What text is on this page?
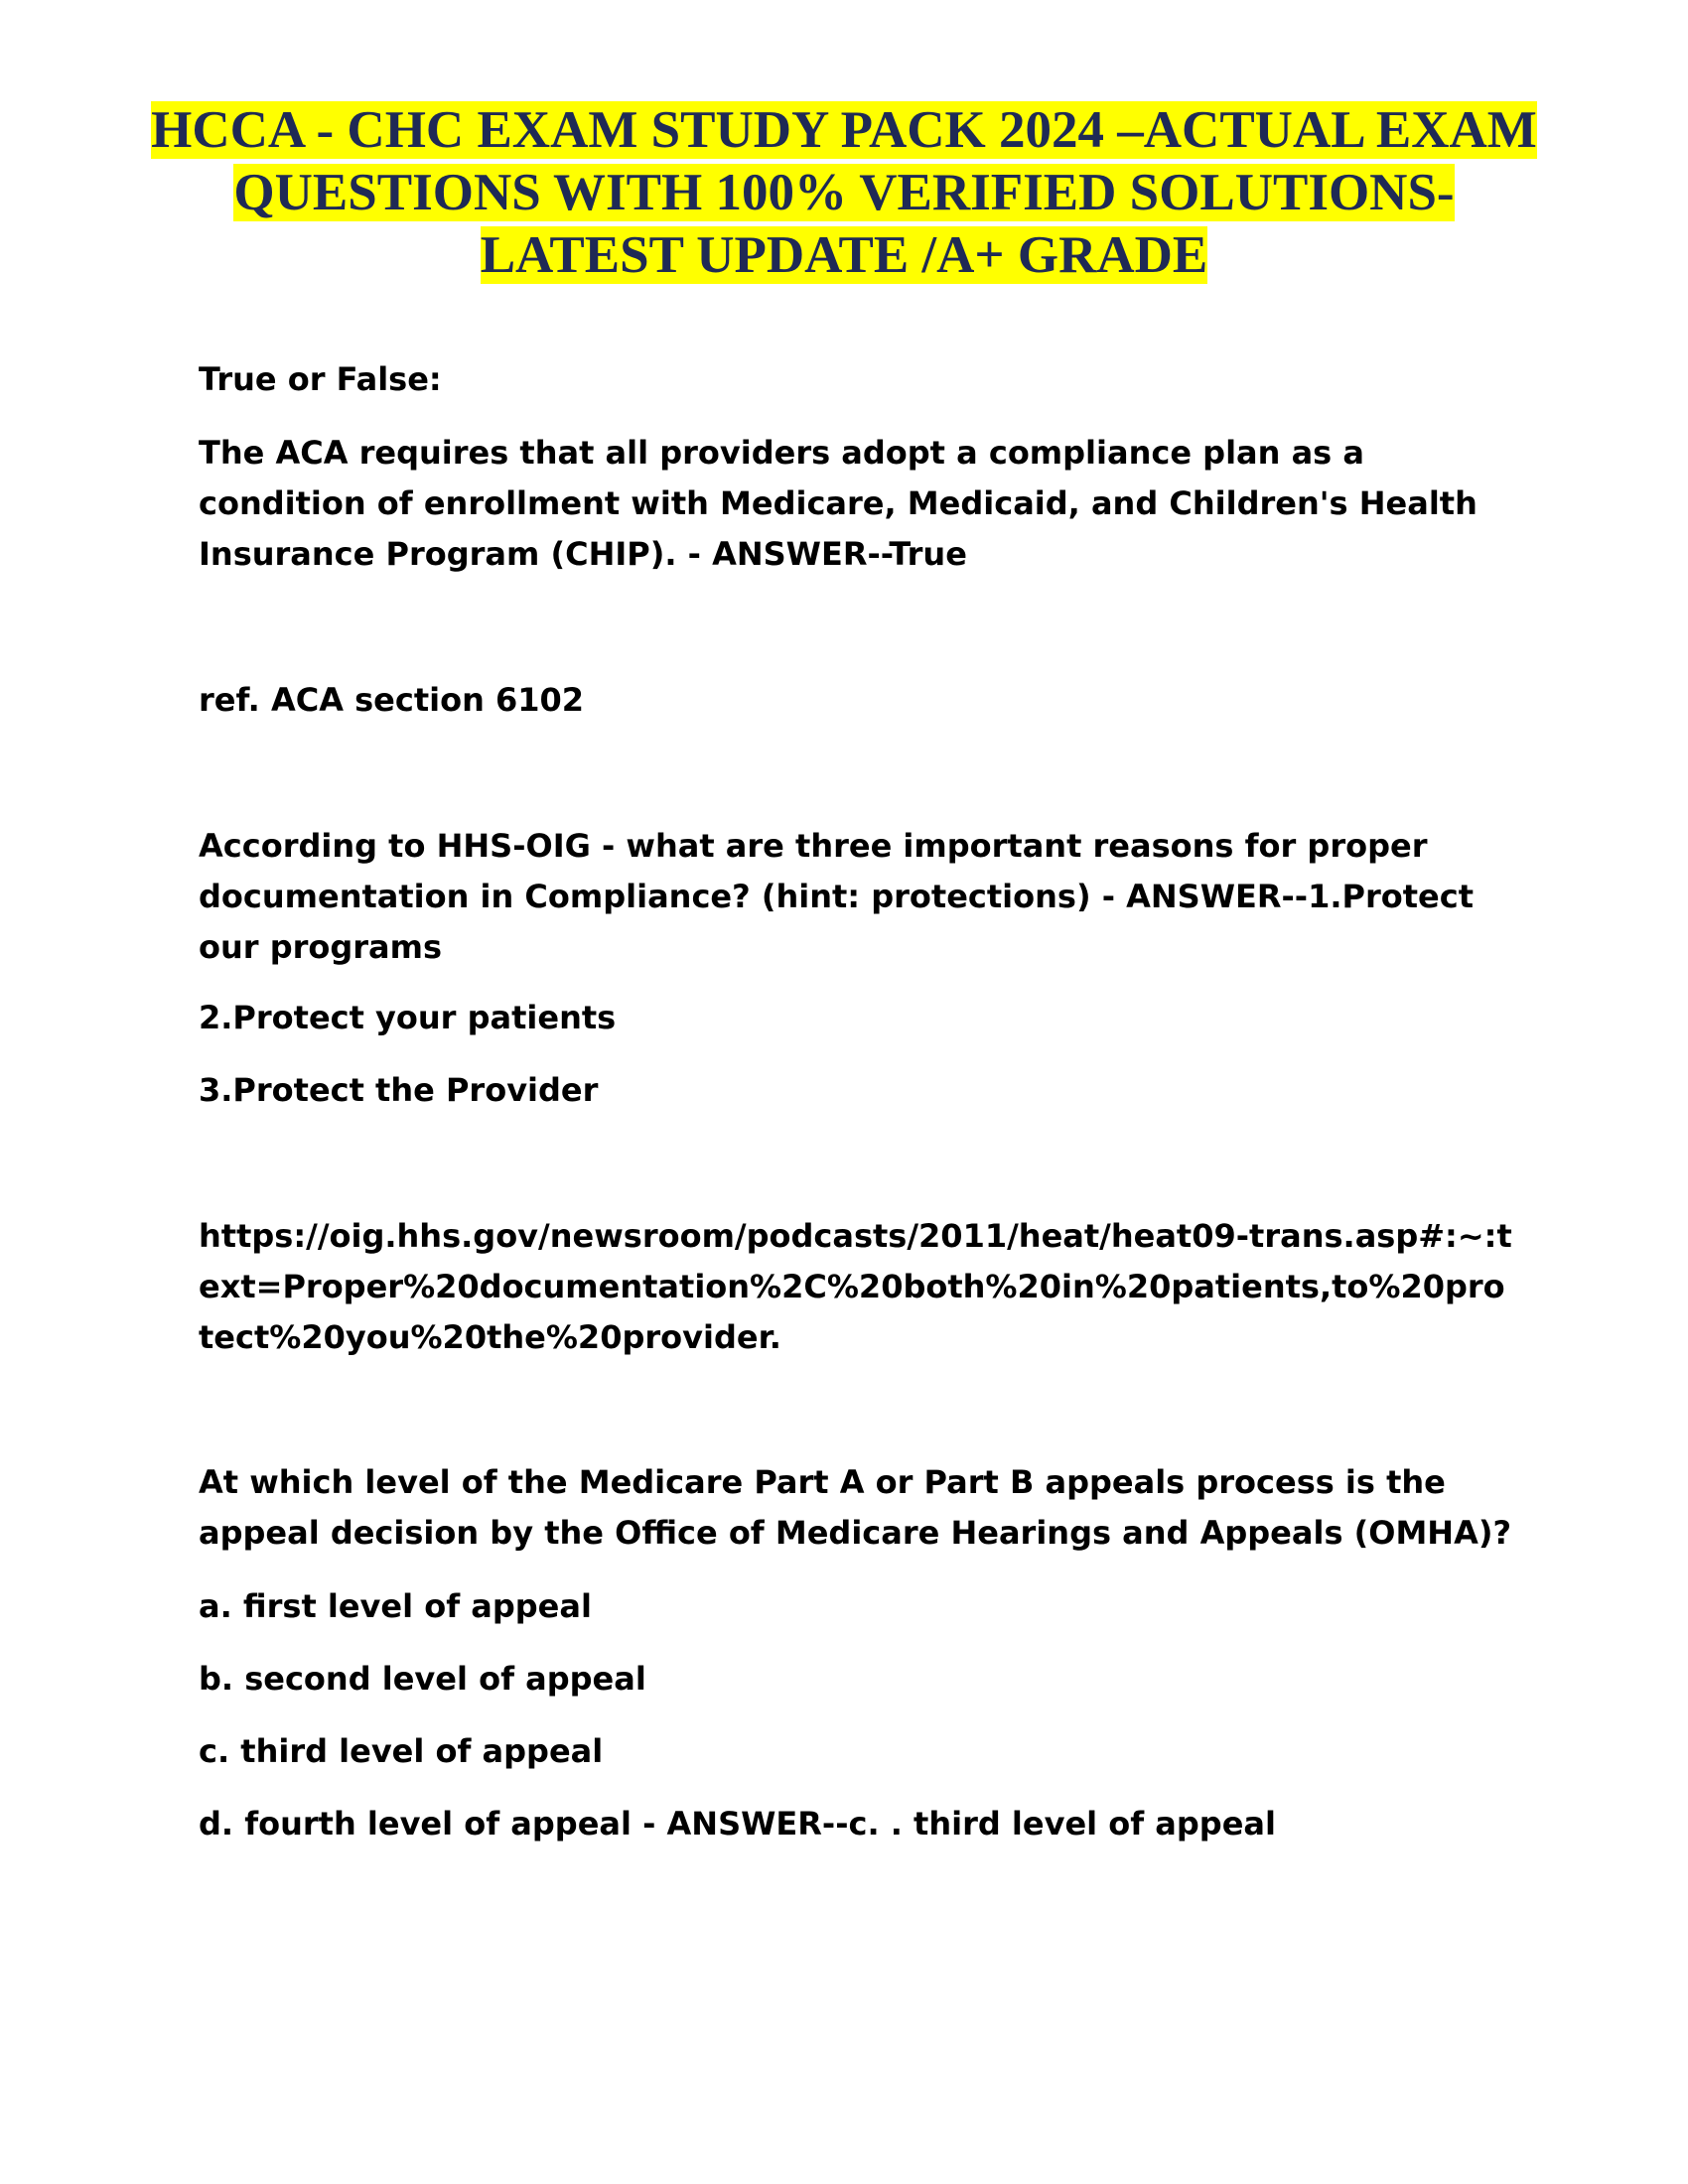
HCCA - CHC EXAM STUDY PACK 2024 –ACTUAL EXAM QUESTIONS WITH 100% VERIFIED SOLUTIONS-LATEST UPDATE /A+ GRADE

True or False:

The ACA requires that all providers adopt a compliance plan as a condition of enrollment with Medicare, Medicaid, and Children's Health Insurance Program (CHIP). - ANSWER--True

ref. ACA section 6102

According to HHS-OIG - what are three important reasons for proper documentation in Compliance? (hint: protections) - ANSWER--1.Protect our programs

2.Protect your patients

3.Protect the Provider

https://oig.hhs.gov/newsroom/podcasts/2011/heat/heat09-trans.asp#:~:text=Proper%20documentation%2C%20both%20in%20patients,to%20protect%20you%20the%20provider.

At which level of the Medicare Part A or Part B appeals process is the appeal decision by the Office of Medicare Hearings and Appeals (OMHA)?

a. first level of appeal

b. second level of appeal

c. third level of appeal

d. fourth level of appeal - ANSWER--c. . third level of appeal
